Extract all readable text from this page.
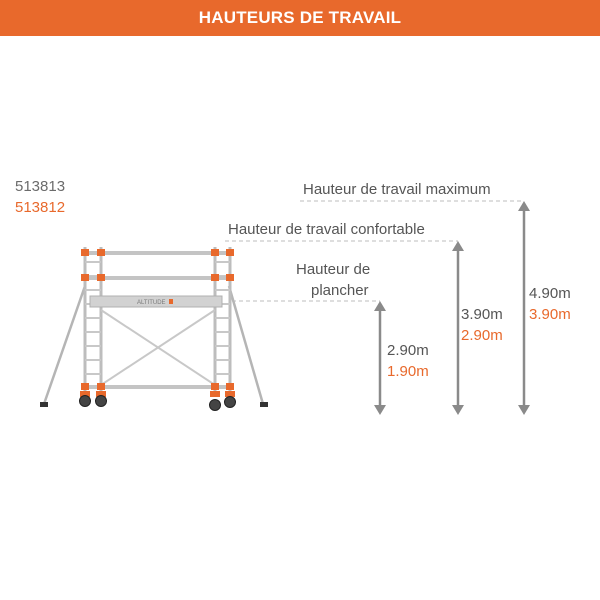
HAUTEURS DE TRAVAIL
513813
513812
ALTITUDE
Hauteur de travail maximum
Hauteur de travail confortable
Hauteur de
plancher
2.90m
1.90m
3.90m
2.90m
4.90m
3.90m
